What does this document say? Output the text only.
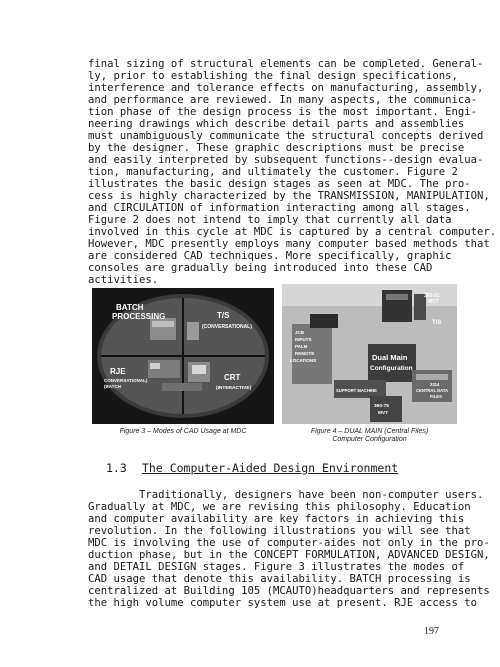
final sizing of structural elements can be completed. General-
ly, prior to establishing the final design specifications,
interference and tolerance effects on manufacturing, assembly,
and performance are reviewed. In many aspects, the communica-
tion phase of the design process is the most important. Engi-
neering drawings which describe detail parts and assemblies
must unambiguously communicate the structural concepts derived
by the designer. These graphic descriptions must be precise
and easily interpreted by subsequent functions--design evalua-
tion, manufacturing, and ultimately the customer. Figure 2
illustrates the basic design stages as seen at MDC. The pro-
cess is highly characterized by the TRANSMISSION, MANIPULATION,
and CIRCULATION of information interacting among all stages.
Figure 2 does not intend to imply that currently all data
involved in this cycle at MDC is captured by a central computer.
However, MDC presently employs many computer based methods that
are considered CAD techniques. More specifically, graphic
consoles are gradually being introduced into these CAD
activities.
BATCH
PROCESSING	T/S
(CONVERSATIONAL)
RJE
CONVERSATIONAL)
(BATCH
CRT
(INTERACTIVE)
Figure 3 – Modes of CAD Usage at MDC
360-91
MVT
T/S
JCB
INPUTS
PALM
REMOTE
LOCATIONS	Dual Main
Configuration
SUPPORT MACHINE
2314
CENTRAL DATA
FILES
360-75
MVT
Figure 4 – DUAL MAIN (Central Files)
Computer Configuration
1.3 The Computer-Aided Design Environment
Traditionally, designers have been non-computer users.
Gradually at MDC, we are revising this philosophy. Education
and computer availability are key factors in achieving this
revolution. In the following illustrations you will see that
MDC is involving the use of computer-aides not only in the pro-
duction phase, but in the CONCEPT FORMULATION, ADVANCED DESIGN,
and DETAIL DESIGN stages. Figure 3 illustrates the modes of
CAD usage that denote this availability. BATCH processing is
centralized at Building 105 (MCAUTO)headquarters and represents
the high volume computer system use at present. RJE access to
197
